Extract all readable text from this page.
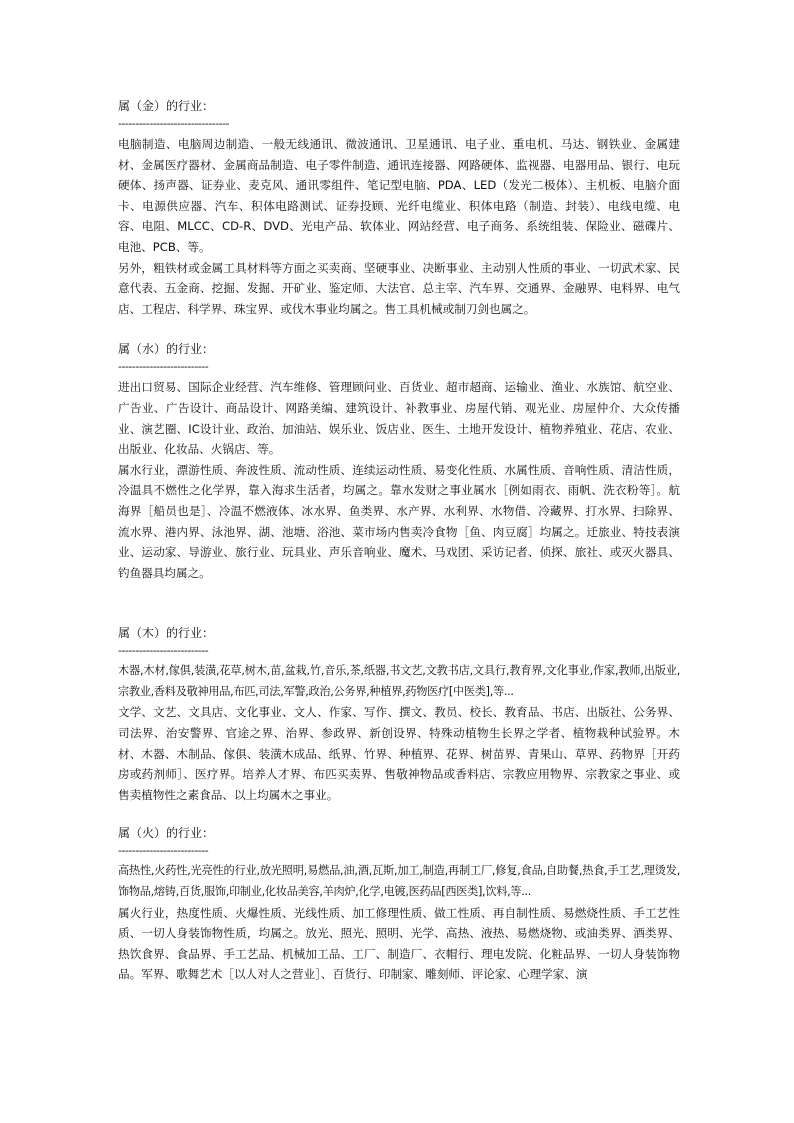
属（金）的行业：

--------------------------------

电脑制造、电脑周边制造、一般无线通讯、微波通讯、卫星通讯、电子业、重电机、马达、钢铁业、金属建材、金属医疗器材、金属商品制造、电子零件制造、通讯连接器、网路硬体、监视器、电器用品、银行、电玩硬体、扬声器、证券业、麦克风、通讯零组件、笔记型电脑、PDA、LED（发光二极体）、主机板、电脑介面卡、电源供应器、汽车、积体电路测试、证券投顾、光纤电缆业、积体电路（制造、封装）、电线电缆、电容、电阻、MLCC、CD-R、DVD、光电产品、软体业、网站经营、电子商务、系统组装、保险业、磁碟片、电池、PCB、等。

另外，粗铁材或金属工具材料等方面之买卖商、坚硬事业、决断事业、主动别人性质的事业、一切武术家、民意代表、五金商、挖掘、发掘、开矿业、鉴定师、大法官、总主宰、汽车界、交通界、金融界、电料界、电气店、工程店、科学界、珠宝界、或伐木事业均属之。售工具机械或制刀剑也属之。

属（水）的行业：

--------------------------

进出口贸易、国际企业经营、汽车维修、管理顾问业、百货业、超市超商、运输业、渔业、水族馆、航空业、广告业、广告设计、商品设计、网路美编、建筑设计、补教事业、房屋代销、观光业、房屋仲介、大众传播业、演艺圈、IC设计业、政治、加油站、娱乐业、饭店业、医生、土地开发设计、植物养殖业、花店、农业、出版业、化妆品、火锅店、等。

属水行业，漂游性质、奔波性质、流动性质、连续运动性质、易变化性质、水属性质、音响性质、清洁性质，冷温具不燃性之化学界，靠入海求生活者，均属之。靠水发财之事业属水［例如雨衣、雨帆、洗衣粉等］。航海界［船员也是］、冷温不燃液体、冰水界、鱼类界、水产界、水利界、水物借、冷藏界、打水界、扫除界、流水界、港内界、泳池界、湖、池塘、浴池、菜市场内售卖冷食物［鱼、肉豆腐］均属之。迁旅业、特技表演业、运动家、导游业、旅行业、玩具业、声乐音响业、魔术、马戏团、采访记者、侦探、旅社、或灭火器具、钓鱼器具均属之。

属（木）的行业：

--------------------------

木器,木材,傢俱,装潢,花草,树木,苗,盆栽,竹,音乐,茶,纸器,书文艺,文教书店,文具行,教育界,文化事业,作家,教师,出版业,宗教业,香料及敬神用品,布匹,司法,军警,政治,公务界,种植界,药物医疗[中医类],等...

文学、文艺、文具店、文化事业、文人、作家、写作、撰文、教员、校长、教育品、书店、出版社、公务界、司法界、治安警界、官途之界、治界、参政界、新创设界、特殊动植物生长界之学者、植物栽种试验界。木材、木器、木制品、傢俱、装潢木成品、纸界、竹界、种植界、花界、树苗界、青果山、草界、药物界［开药房或药剂师］、医疗界。培养人才界、布匹买卖界、售敬神物品或香料店、宗教应用物界、宗教家之事业、或售卖植物性之素食品、以上均属木之事业。

属（火）的行业：

--------------------------

高热性,火药性,光亮性的行业,放光照明,易燃品,油,酒,瓦斯,加工,制造,再制工厂,修复,食品,自助餐,热食,手工艺,理烫发,饰物品,熔铸,百货,服饰,印制业,化妆品美容,羊肉炉,化学,电镀,医药品[西医类],饮料,等...

属火行业，热度性质、火爆性质、光线性质、加工修理性质、做工性质、再自制性质、易燃烧性质、手工艺性质、一切人身装饰物性质，均属之。放光、照光、照明、光学、高热、液热、易燃烧物、或油类界、酒类界、热饮食界、食品界、手工艺品、机械加工品、工厂、制造厂、衣帽行、理电发院、化粧品界、一切人身装饰物品。军界、歌舞艺术［以人对人之营业］、百货行、印制家、雕刻师、评论家、心理学家、演
